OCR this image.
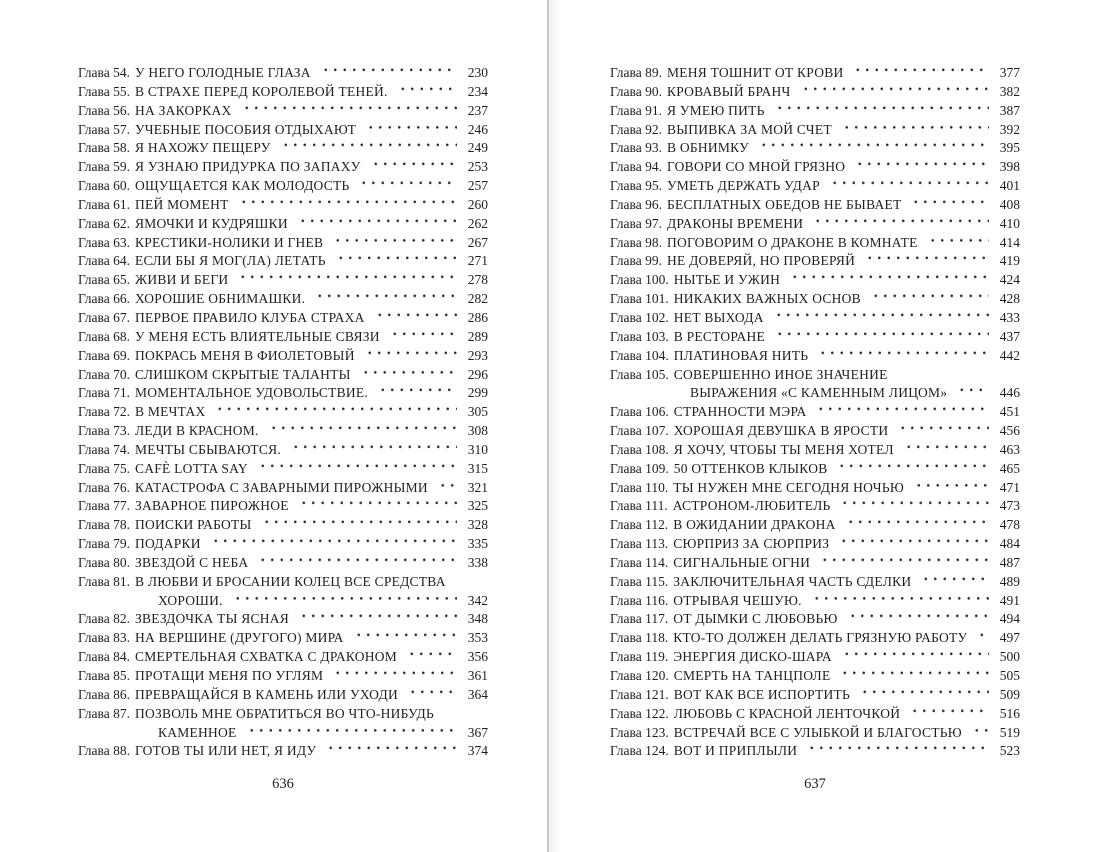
Глава 54. У НЕГО ГОЛОДНЫЕ ГЛАЗА	230
Глава 55. В СТРАХЕ ПЕРЕД КОРОЛЕВОЙ ТЕНЕЙ.	234
Глава 56. НА ЗАКОРКАХ	237
Глава 57. УЧЕБНЫЕ ПОСОБИЯ ОТДЫХАЮТ	246
Глава 58. Я НАХОЖУ ПЕЩЕРУ	249
Глава 59. Я УЗНАЮ ПРИДУРКА ПО ЗАПАХУ	253
Глава 60. ОЩУЩАЕТСЯ КАК МОЛОДОСТЬ	257
Глава 61. ПЕЙ МОМЕНТ	260
Глава 62. ЯМОЧКИ И КУДРЯШКИ	262
Глава 63. КРЕСТИКИ-НОЛИКИ И ГНЕВ	267
Глава 64. ЕСЛИ БЫ Я МОГ(ЛА) ЛЕТАТЬ	271
Глава 65. ЖИВИ И БЕГИ	278
Глава 66. ХОРОШИЕ ОБНИМАШКИ.	282
Глава 67. ПЕРВОЕ ПРАВИЛО КЛУБА СТРАХА	286
Глава 68. У МЕНЯ ЕСТЬ ВЛИЯТЕЛЬНЫЕ СВЯЗИ	289
Глава 69. ПОКРАСЬ МЕНЯ В ФИОЛЕТОВЫЙ	293
Глава 70. СЛИШКОМ СКРЫТЫЕ ТАЛАНТЫ	296
Глава 71. МОМЕНТАЛЬНОЕ УДОВОЛЬСТВИЕ.	299
Глава 72. В МЕЧТАХ	305
Глава 73. ЛЕДИ В КРАСНОМ.	308
Глава 74. МЕЧТЫ СБЫВАЮТСЯ.	310
Глава 75. CAFÈ LOTTA SAY	315
Глава 76. КАТАСТРОФА С ЗАВАРНЫМИ ПИРОЖНЫМИ	321
Глава 77. ЗАВАРНОЕ ПИРОЖНОЕ	325
Глава 78. ПОИСКИ РАБОТЫ	328
Глава 79. ПОДАРКИ	335
Глава 80. ЗВЕЗДОЙ С НЕБА	338
Глава 81. В ЛЮБВИ И БРОСАНИИ КОЛЕЦ ВСЕ СРЕДСТВА
ХОРОШИ.	342
Глава 82. ЗВЕЗДОЧКА ТЫ ЯСНАЯ	348
Глава 83. НА ВЕРШИНЕ (ДРУГОГО) МИРА	353
Глава 84. СМЕРТЕЛЬНАЯ СХВАТКА С ДРАКОНОМ	356
Глава 85. ПРОТАЩИ МЕНЯ ПО УГЛЯМ	361
Глава 86. ПРЕВРАЩАЙСЯ В КАМЕНЬ ИЛИ УХОДИ	364
Глава 87. ПОЗВОЛЬ МНЕ ОБРАТИТЬСЯ ВО ЧТО-НИБУДЬ
КАМЕННОЕ	367
Глава 88. ГОТОВ ТЫ ИЛИ НЕТ, Я ИДУ	374
636
Глава 89. МЕНЯ ТОШНИТ ОТ КРОВИ	377
Глава 90. КРОВАВЫЙ БРАНЧ	382
Глава 91. Я УМЕЮ ПИТЬ	387
Глава 92. ВЫПИВКА ЗА МОЙ СЧЕТ	392
Глава 93. В ОБНИМКУ	395
Глава 94. ГОВОРИ СО МНОЙ ГРЯЗНО	398
Глава 95. УМЕТЬ ДЕРЖАТЬ УДАР	401
Глава 96. БЕСПЛАТНЫХ ОБЕДОВ НЕ БЫВАЕТ	408
Глава 97. ДРАКОНЫ ВРЕМЕНИ	410
Глава 98. ПОГОВОРИМ О ДРАКОНЕ В КОМНАТЕ	414
Глава 99. НЕ ДОВЕРЯЙ, НО ПРОВЕРЯЙ	419
Глава 100. НЫТЬЕ И УЖИН	424
Глава 101. НИКАКИХ ВАЖНЫХ ОСНОВ	428
Глава 102. НЕТ ВЫХОДА	433
Глава 103. В РЕСТОРАНЕ	437
Глава 104. ПЛАТИНОВАЯ НИТЬ	442
Глава 105. СОВЕРШЕННО ИНОЕ ЗНАЧЕНИЕ
ВЫРАЖЕНИЯ «С КАМЕННЫМ ЛИЦОМ»	446
Глава 106. СТРАННОСТИ МЭРА	451
Глава 107. ХОРОШАЯ ДЕВУШКА В ЯРОСТИ	456
Глава 108. Я ХОЧУ, ЧТОБЫ ТЫ МЕНЯ ХОТЕЛ	463
Глава 109. 50 ОТТЕНКОВ КЛЫКОВ	465
Глава 110. ТЫ НУЖЕН МНЕ СЕГОДНЯ НОЧЬЮ	471
Глава 111. АСТРОНОМ-ЛЮБИТЕЛЬ	473
Глава 112. В ОЖИДАНИИ ДРАКОНА	478
Глава 113. СЮРПРИЗ ЗА СЮРПРИЗ	484
Глава 114. СИГНАЛЬНЫЕ ОГНИ	487
Глава 115. ЗАКЛЮЧИТЕЛЬНАЯ ЧАСТЬ СДЕЛКИ	489
Глава 116. ОТРЫВАЯ ЧЕШУЮ.	491
Глава 117. ОТ ДЫМКИ С ЛЮБОВЬЮ	494
Глава 118. КТО-ТО ДОЛЖЕН ДЕЛАТЬ ГРЯЗНУЮ РАБОТУ	497
Глава 119. ЭНЕРГИЯ ДИСКО-ШАРА	500
Глава 120. СМЕРТЬ НА ТАНЦПОЛЕ	505
Глава 121. ВОТ КАК ВСЕ ИСПОРТИТЬ	509
Глава 122. ЛЮБОВЬ С КРАСНОЙ ЛЕНТОЧКОЙ	516
Глава 123. ВСТРЕЧАЙ ВСЕ С УЛЫБКОЙ И БЛАГОСТЬЮ	519
Глава 124. ВОТ И ПРИПЛЫЛИ	523
637
